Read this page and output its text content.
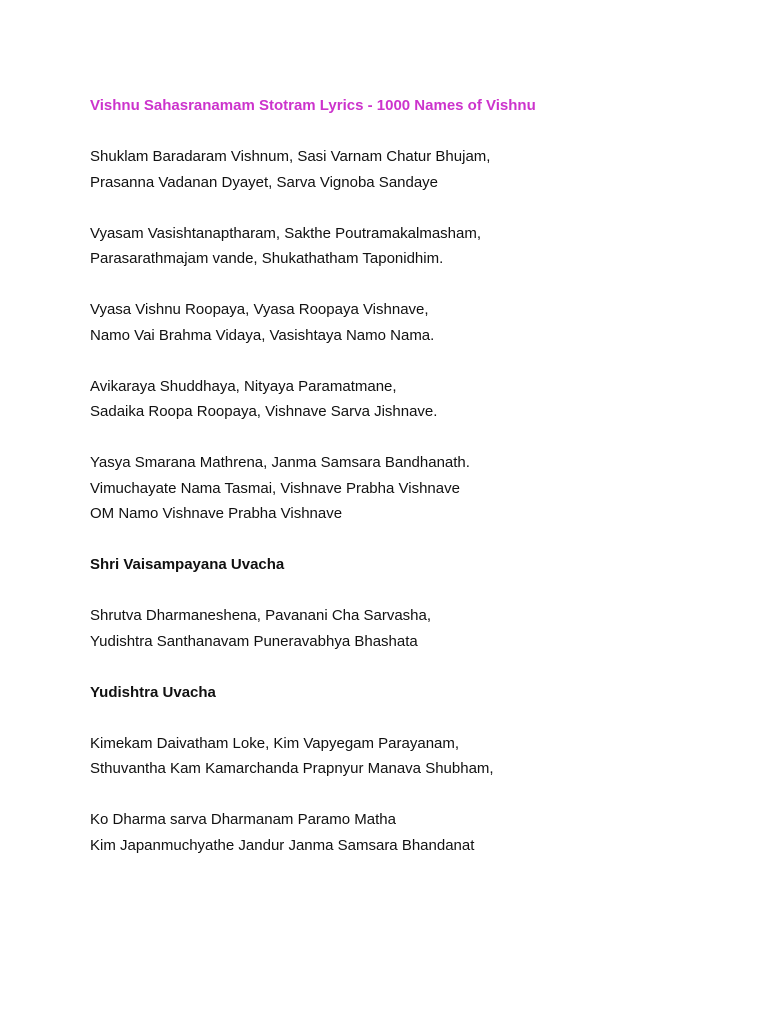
Vishnu Sahasranamam Stotram Lyrics - 1000 Names of Vishnu
Shuklam Baradaram Vishnum, Sasi Varnam Chatur Bhujam,
Prasanna Vadanan Dyayet, Sarva Vignoba Sandaye
Vyasam Vasishtanaptharam, Sakthe Poutramakalmasham,
Parasarathmajam vande, Shukathatham Taponidhim.
Vyasa Vishnu Roopaya, Vyasa Roopaya Vishnave,
Namo Vai Brahma Vidaya, Vasishtaya Namo Nama.
Avikaraya Shuddhaya, Nityaya Paramatmane,
Sadaika Roopa Roopaya, Vishnave Sarva Jishnave.
Yasya Smarana Mathrena, Janma Samsara Bandhanath.
Vimuchayate Nama Tasmai, Vishnave Prabha Vishnave
OM Namo Vishnave Prabha Vishnave
Shri Vaisampayana Uvacha
Shrutva Dharmaneshena, Pavanani Cha Sarvasha,
Yudishtra Santhanavam Puneravabhya Bhashata
Yudishtra Uvacha
Kimekam Daivatham Loke, Kim Vapyegam Parayanam,
Sthuvantha Kam Kamarchanda Prapnyur Manava Shubham,
Ko Dharma sarva Dharmanam Paramo Matha
Kim Japanmuchyathe Jandur Janma Samsara Bhandanat
